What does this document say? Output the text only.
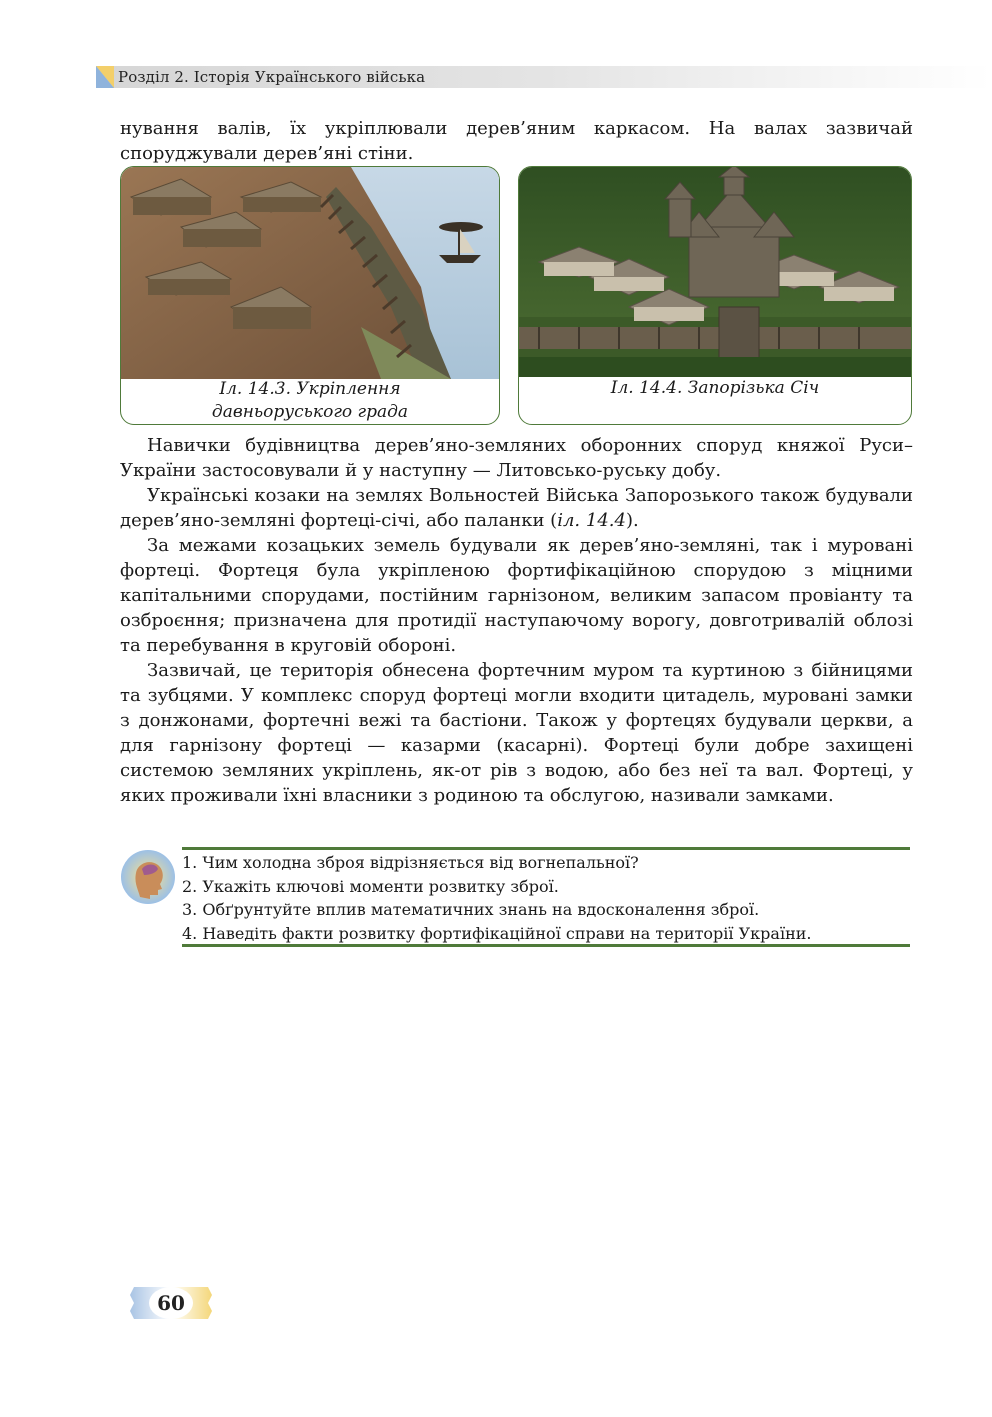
Розділ 2. Історія Українського війська

нування валів, їх укріплювали дерев’яним каркасом. На валах зазвичай споруджували дерев’яні стіни.

Іл. 14.3. Укріплення
давньоруського града
Іл. 14.4. Запорізька Січ

Навички будівництва дерев’яно-земляних оборонних споруд княжої Руси–України застосовували й у наступну — Литовсько-руську добу.

Українські козаки на землях Вольностей Війська Запорозького також будували дерев’яно-земляні фортеці-січі, або паланки (іл. 14.4).

За межами козацьких земель будували як дерев’яно-земляні, так і муровані фортеці. Фортеця була укріпленою фортифікаційною спорудою з міцними капітальними спорудами, постійним гарнізоном, великим запасом провіанту та озброєння; призначена для протидії наступаючому ворогу, довготривалій облозі та перебування в круговій обороні.

Зазвичай, це територія обнесена фортечним муром та куртиною з бійницями та зубцями. У комплекс споруд фортеці могли входити цитадель, муровані замки з донжонами, фортечні вежі та бастіони. Також у фортецях будували церкви, а для гарнізону фортеці — казарми (касарні). Фортеці були добре захищені системою земляних укріплень, як-от рів з водою, або без неї та вал. Фортеці, у яких проживали їхні власники з родиною та обслугою, називали замками.

1. Чим холодна зброя відрізняється від вогнепальної?
2. Укажіть ключові моменти розвитку зброї.
3. Обґрунтуйте вплив математичних знань на вдосконалення зброї.
4. Наведіть факти розвитку фортифікаційної справи на території України.
60
